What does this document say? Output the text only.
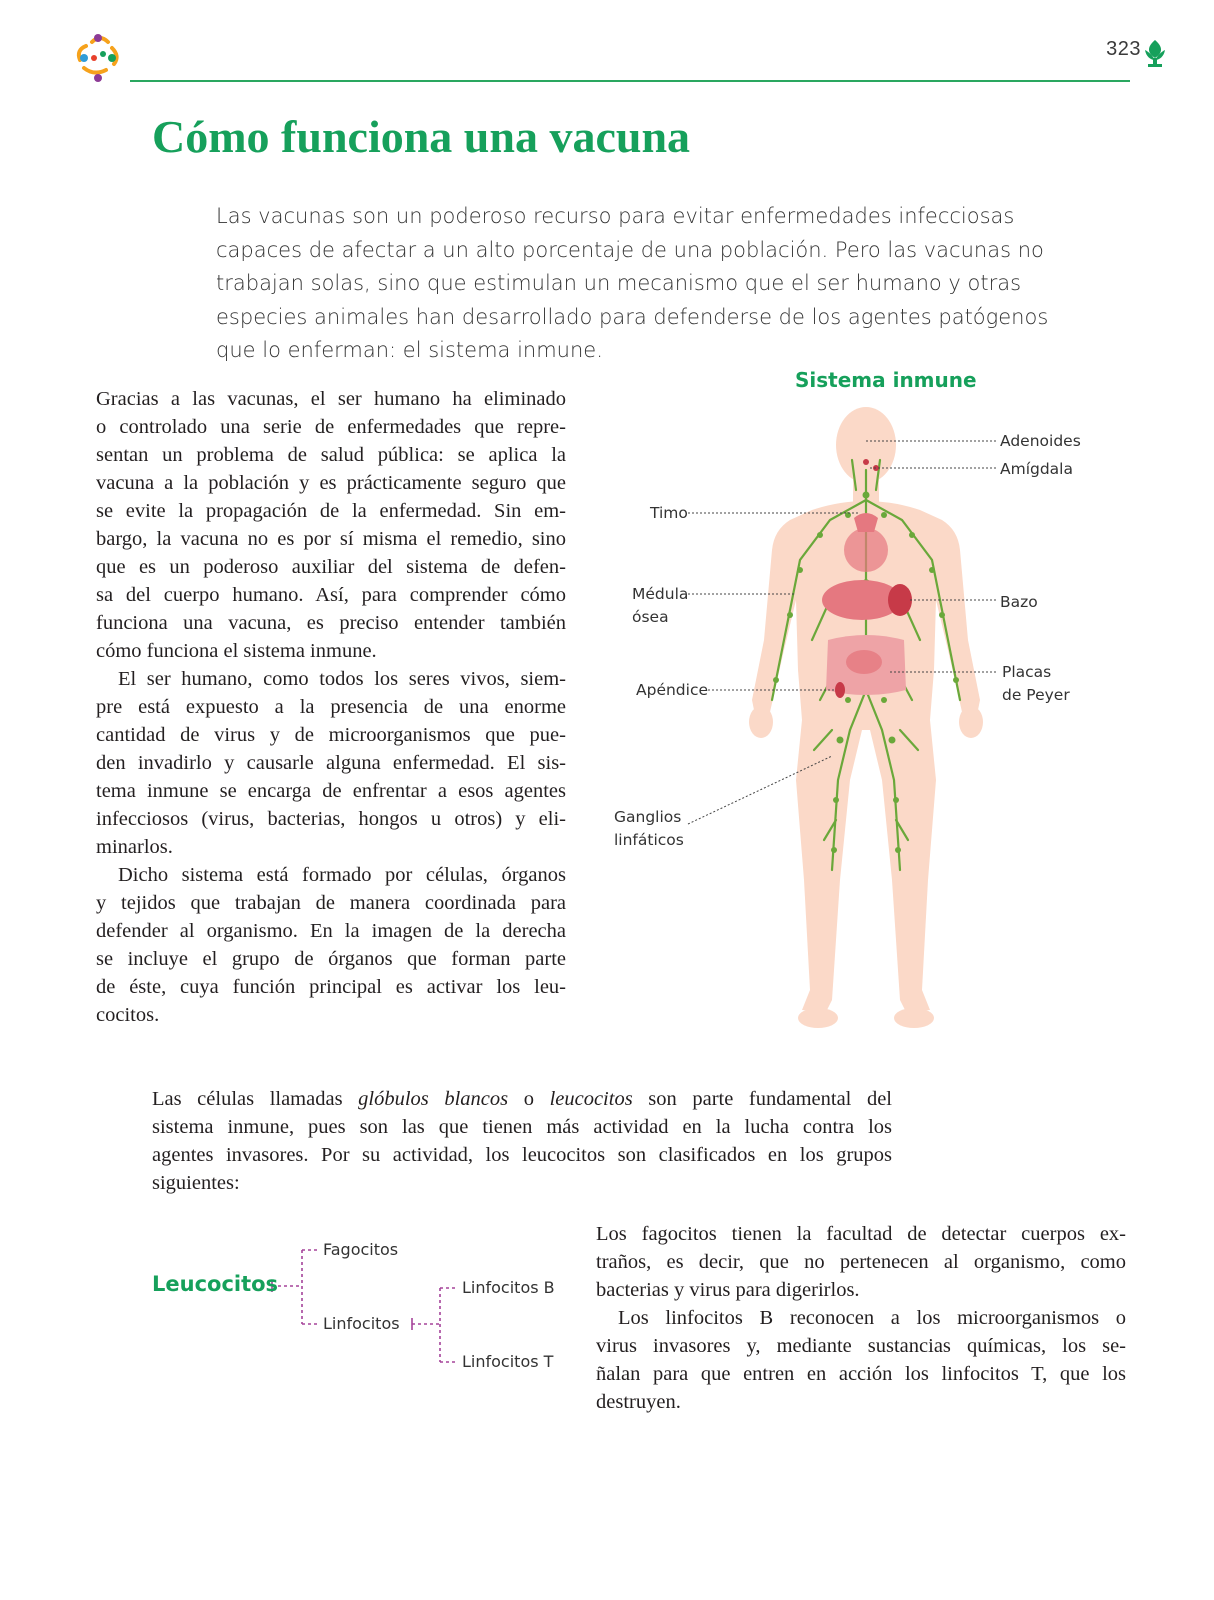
323
Cómo funciona una vacuna
Las vacunas son un poderoso recurso para evitar enfermedades infecciosas
capaces de afectar a un alto porcentaje de una población. Pero las vacunas no
trabajan solas, sino que estimulan un mecanismo que el ser humano y otras
especies animales han desarrollado para defenderse de los agentes patógenos
que lo enferman: el sistema inmune.

Gracias a las vacunas, el ser humano ha eliminado
o controlado una serie de enfermedades que repre-
sentan un problema de salud pública: se aplica la
vacuna a la población y es prácticamente seguro que
se evite la propagación de la enfermedad. Sin em-
bargo, la vacuna no es por sí misma el remedio, sino
que es un poderoso auxiliar del sistema de defen-
sa del cuerpo humano. Así, para comprender cómo
funciona una vacuna, es preciso entender también
cómo funciona el sistema inmune.

El ser humano, como todos los seres vivos, siem-
pre está expuesto a la presencia de una enorme
cantidad de virus y de microorganismos que pue-
den invadirlo y causarle alguna enfermedad. El sis-
tema inmune se encarga de enfrentar a esos agentes
infecciosos (virus, bacterias, hongos u otros) y eli-
minarlos.

Dicho sistema está formado por células, órganos
y tejidos que trabajan de manera coordinada para
defender al organismo. En la imagen de la derecha
se incluye el grupo de órganos que forman parte
de éste, cuya función principal es activar los leu-
cocitos.

Sistema inmune
Adenoides
Amígdala
Timo
Médula
ósea
Bazo
Placas
de Peyer
Apéndice
Ganglios
linfáticos
Las células llamadas glóbulos blancos o leucocitos son parte fundamental del
sistema inmune, pues son las que tienen más actividad en la lucha contra los
agentes invasores. Por su actividad, los leucocitos son clasificados en los grupos
siguientes:
Leucocitos
Fagocitos
Linfocitos
Linfocitos B
Linfocitos T

Los fagocitos tienen la facultad de detectar cuerpos ex-
traños, es decir, que no pertenecen al organismo, como
bacterias y virus para digerirlos.

Los linfocitos B reconocen a los microorganismos o
virus invasores y, mediante sustancias químicas, los se-
ñalan para que entren en acción los linfocitos T, que los
destruyen.
